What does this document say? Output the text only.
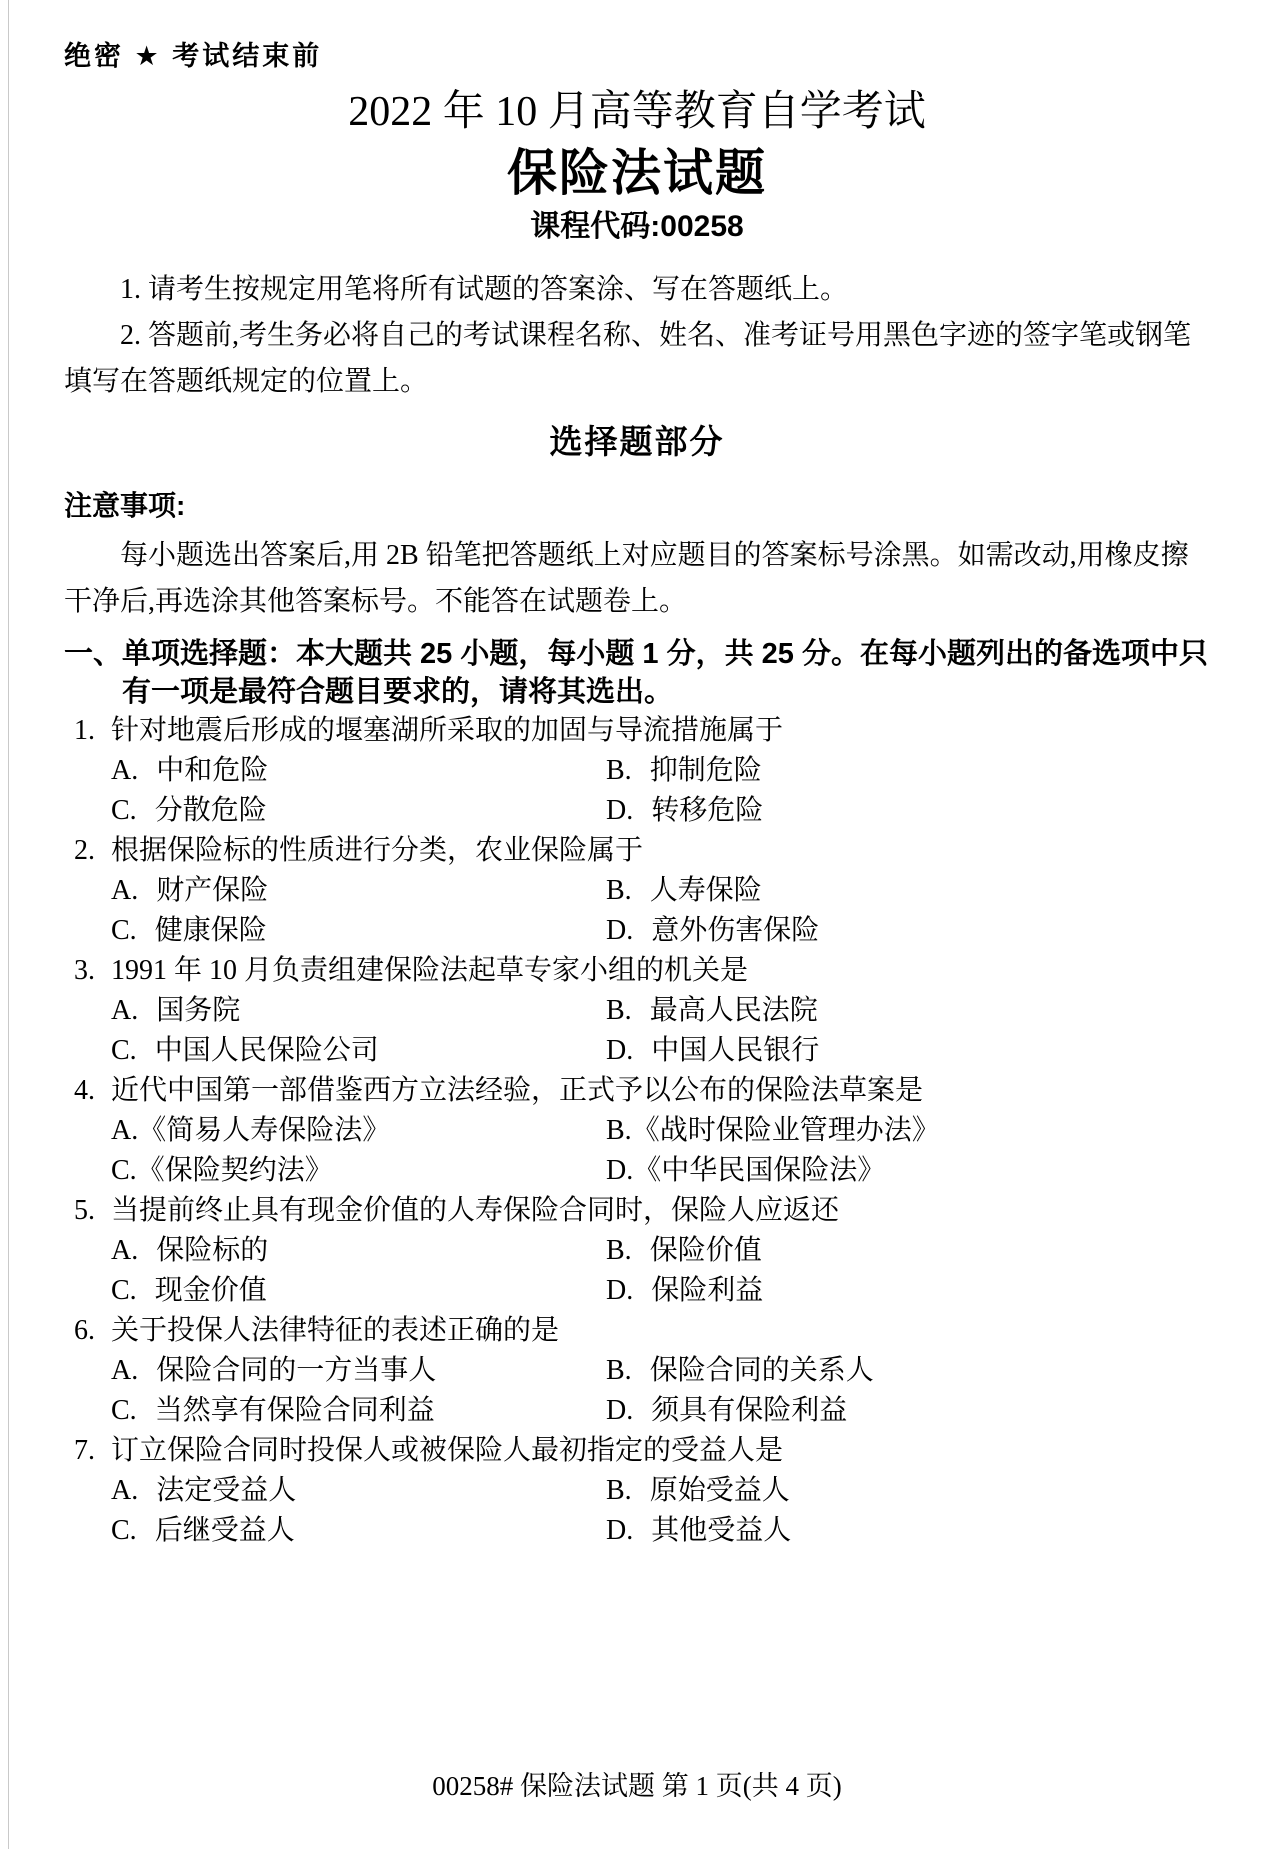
绝密 ★ 考试结束前
2022 年 10 月高等教育自学考试
保险法试题
课程代码:00258

1. 请考生按规定用笔将所有试题的答案涂、写在答题纸上。

2. 答题前,考生务必将自己的考试课程名称、姓名、准考证号用黑色字迹的签字笔或钢笔填写在答题纸规定的位置上。

选择题部分
注意事项:

每小题选出答案后,用 2B 铅笔把答题纸上对应题目的答案标号涂黑。如需改动,用橡皮擦干净后,再选涂其他答案标号。不能答在试题卷上。

一、单项选择题：本大题共 25 小题，每小题 1 分，共 25 分。在每小题列出的备选项中只有一项是最符合题目要求的，请将其选出。
1. 针对地震后形成的堰塞湖所采取的加固与导流措施属于
A. 中和危险	B. 抑制危险
C. 分散危险	D. 转移危险
2. 根据保险标的性质进行分类，农业保险属于
A. 财产保险	B. 人寿保险
C. 健康保险	D. 意外伤害保险
3. 1991 年 10 月负责组建保险法起草专家小组的机关是
A. 国务院	B. 最高人民法院
C. 中国人民保险公司	D. 中国人民银行
4. 近代中国第一部借鉴西方立法经验，正式予以公布的保险法草案是
A.《简易人寿保险法》	B.《战时保险业管理办法》
C.《保险契约法》	D.《中华民国保险法》
5. 当提前终止具有现金价值的人寿保险合同时，保险人应返还
A. 保险标的	B. 保险价值
C. 现金价值	D. 保险利益
6. 关于投保人法律特征的表述正确的是
A. 保险合同的一方当事人	B. 保险合同的关系人
C. 当然享有保险合同利益	D. 须具有保险利益
7. 订立保险合同时投保人或被保险人最初指定的受益人是
A. 法定受益人	B. 原始受益人
C. 后继受益人	D. 其他受益人
00258# 保险法试题 第 1 页(共 4 页)
